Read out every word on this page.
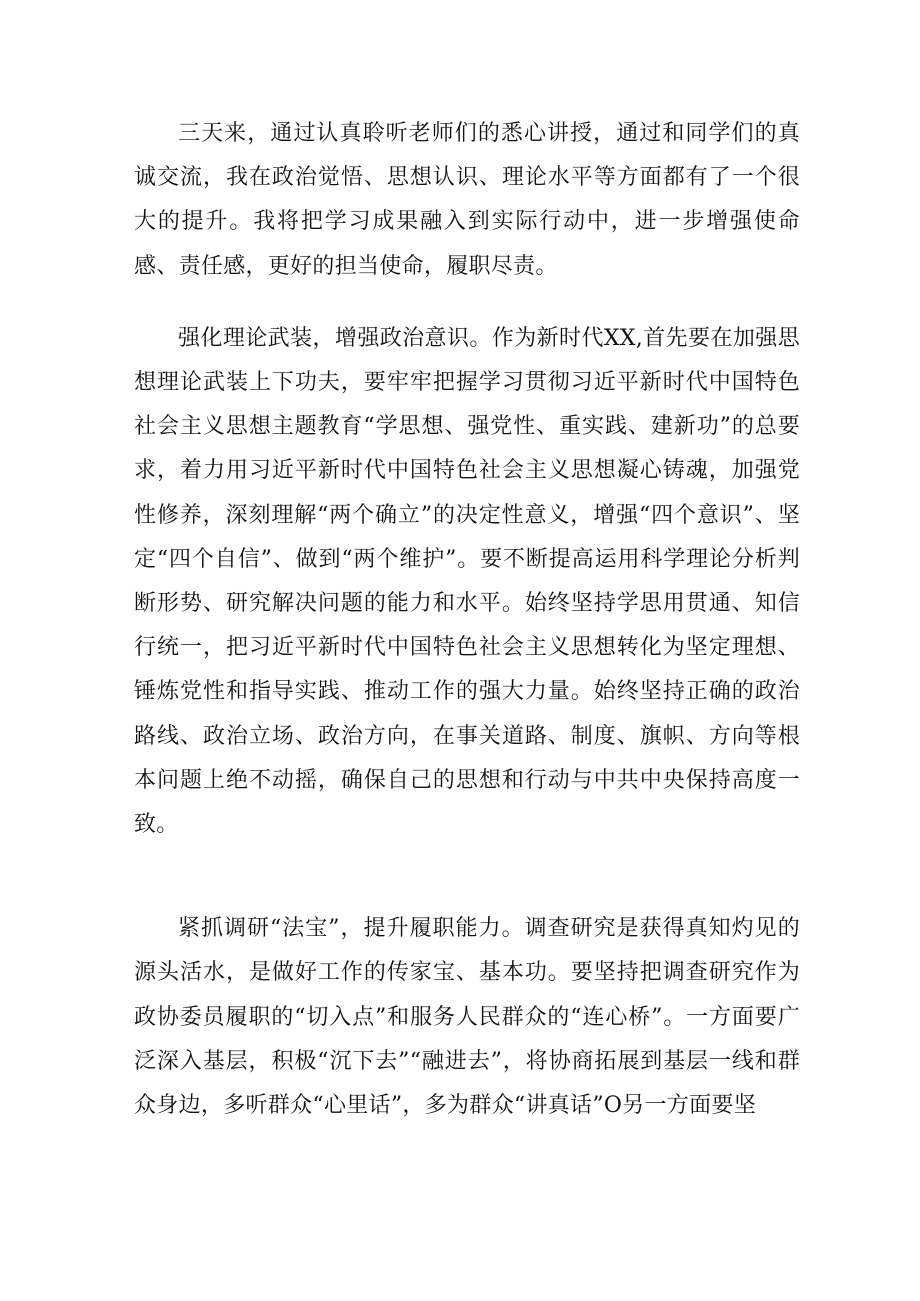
三天来，通过认真聆听老师们的悉心讲授，通过和同学们的真诚交流，我在政治觉悟、思想认识、理论水平等方面都有了一个很大的提升。我将把学习成果融入到实际行动中，进一步增强使命感、责任感，更好的担当使命，履职尽责。

强化理论武装，增强政治意识。作为新时代XX,首先要在加强思想理论武装上下功夫，要牢牢把握学习贯彻习近平新时代中国特色社会主义思想主题教育“学思想、强党性、重实践、建新功”的总要求，着力用习近平新时代中国特色社会主义思想凝心铸魂，加强党性修养，深刻理解“两个确立”的决定性意义，增强“四个意识”、坚定“四个自信”、做到“两个维护”。要不断提高运用科学理论分析判断形势、研究解决问题的能力和水平。始终坚持学思用贯通、知信行统一，把习近平新时代中国特色社会主义思想转化为坚定理想、锤炼党性和指导实践、推动工作的强大力量。始终坚持正确的政治路线、政治立场、政治方向，在事关道路、制度、旗帜、方向等根本问题上绝不动摇，确保自己的思想和行动与中共中央保持高度一致。

紧抓调研“法宝”，提升履职能力。调查研究是获得真知灼见的源头活水，是做好工作的传家宝、基本功。要坚持把调查研究作为政协委员履职的“切入点”和服务人民群众的“连心桥”。一方面要广泛深入基层，积极“沉下去”“融进去”，将协商拓展到基层一线和群众身边，多听群众“心里话”，多为群众“讲真话”O另一方面要坚
